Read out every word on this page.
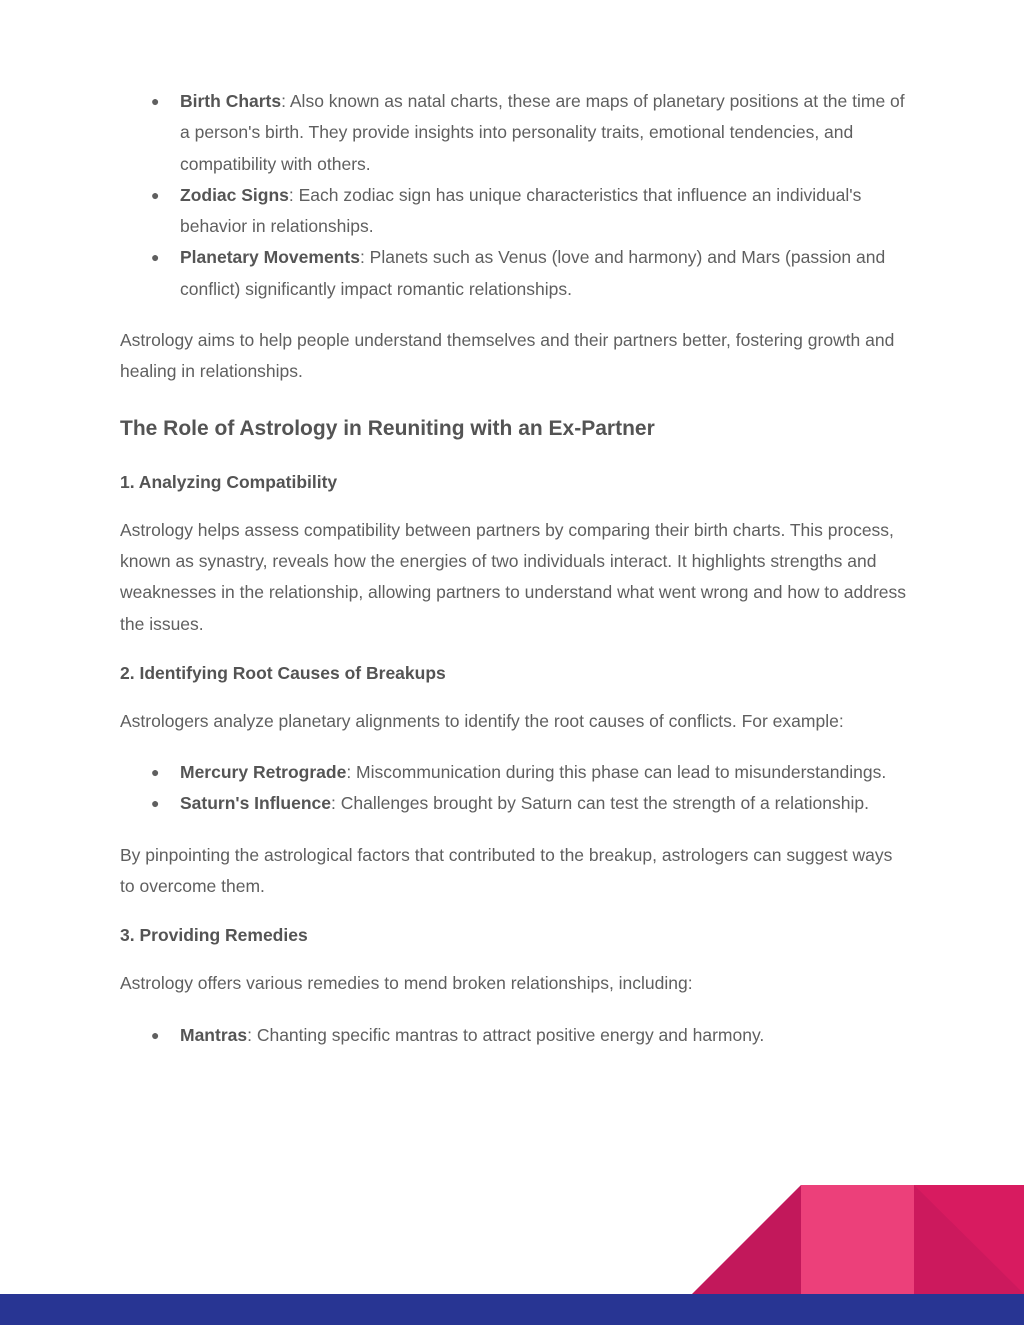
● Birth Charts: Also known as natal charts, these are maps of planetary positions at the time of a person's birth. They provide insights into personality traits, emotional tendencies, and compatibility with others.
● Zodiac Signs: Each zodiac sign has unique characteristics that influence an individual's behavior in relationships.
● Planetary Movements: Planets such as Venus (love and harmony) and Mars (passion and conflict) significantly impact romantic relationships.

Astrology aims to help people understand themselves and their partners better, fostering growth and healing in relationships.

The Role of Astrology in Reuniting with an Ex-Partner
1. Analyzing Compatibility

Astrology helps assess compatibility between partners by comparing their birth charts. This process, known as synastry, reveals how the energies of two individuals interact. It highlights strengths and weaknesses in the relationship, allowing partners to understand what went wrong and how to address the issues.

2. Identifying Root Causes of Breakups

Astrologers analyze planetary alignments to identify the root causes of conflicts. For example:

● Mercury Retrograde: Miscommunication during this phase can lead to misunderstandings.
● Saturn's Influence: Challenges brought by Saturn can test the strength of a relationship.

By pinpointing the astrological factors that contributed to the breakup, astrologers can suggest ways to overcome them.

3. Providing Remedies

Astrology offers various remedies to mend broken relationships, including:

● Mantras: Chanting specific mantras to attract positive energy and harmony.
